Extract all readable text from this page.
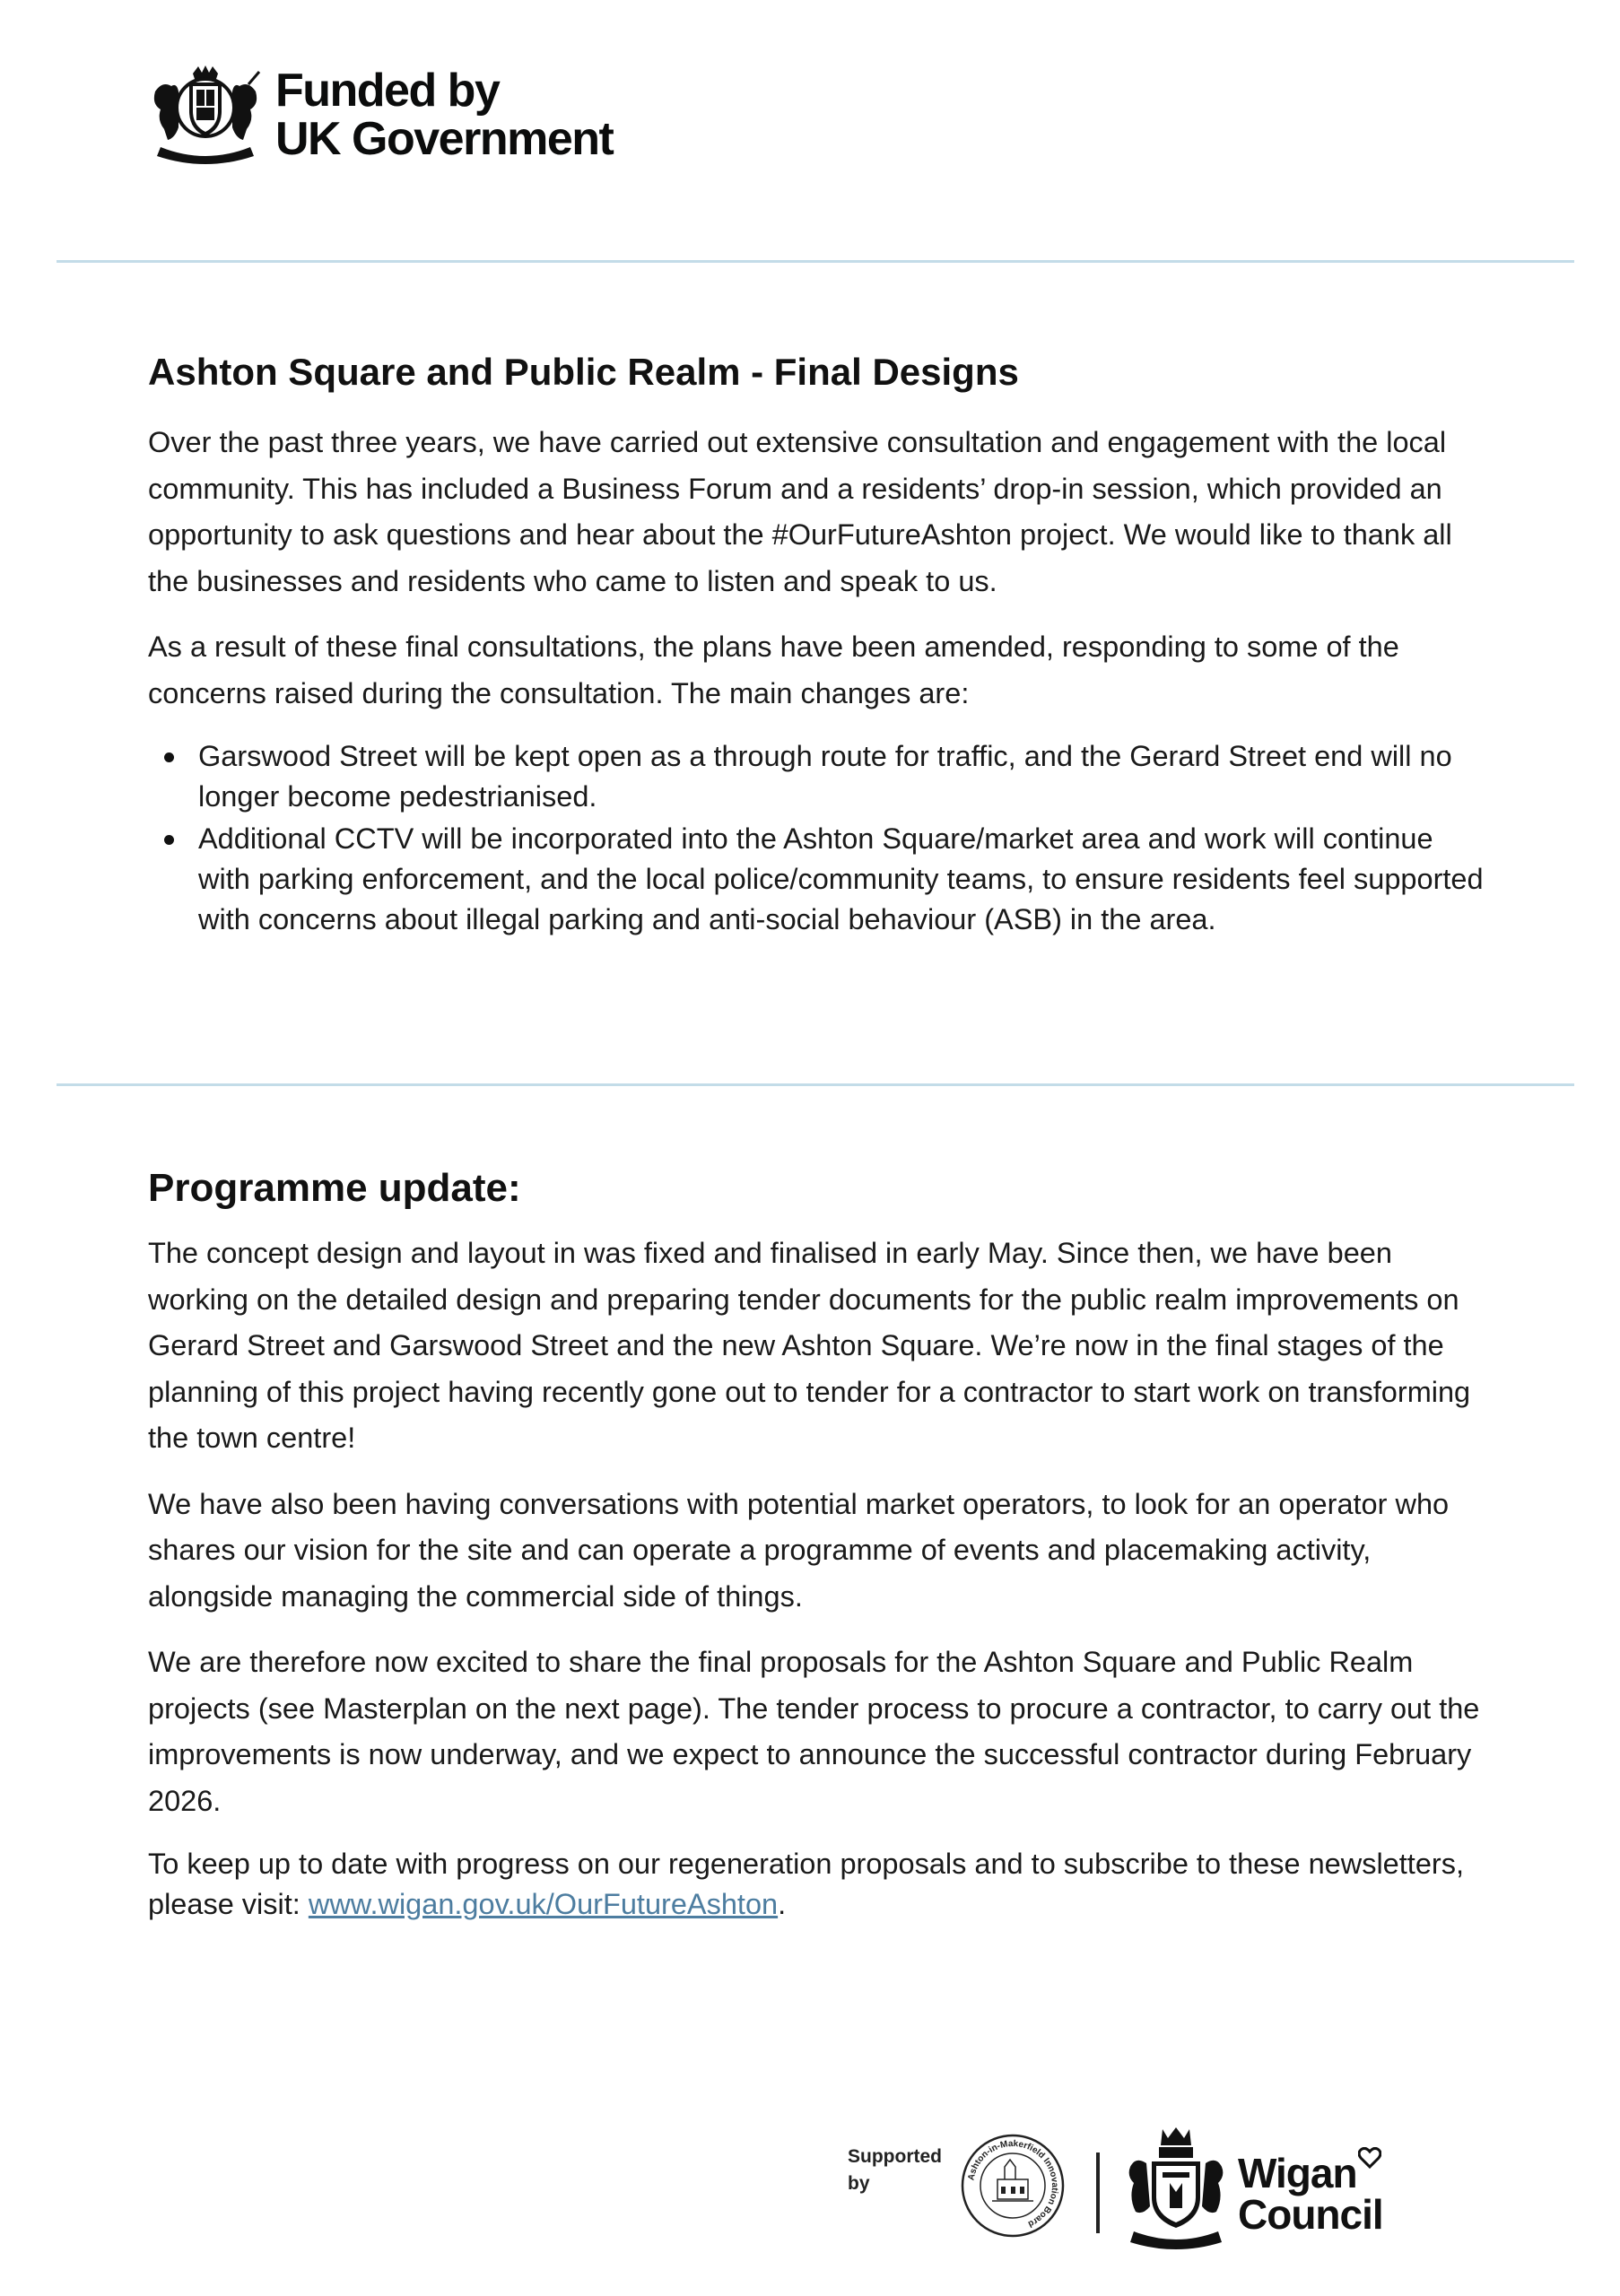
Funded by
UK Government
Ashton Square and Public Realm - Final Designs

Over the past three years, we have carried out extensive consultation and engagement with the local community. This has included a Business Forum and a residents’ drop-in session, which provided an opportunity to ask questions and hear about the #OurFutureAshton project. We would like to thank all the businesses and residents who came to listen and speak to us.

As a result of these final consultations, the plans have been amended, responding to some of the concerns raised during the consultation. The main changes are:

Garswood Street will be kept open as a through route for traffic, and the Gerard Street end will no longer become pedestrianised.
Additional CCTV will be incorporated into the Ashton Square/market area and work will continue with parking enforcement, and the local police/community teams, to ensure residents feel supported with concerns about illegal parking and anti-social behaviour (ASB) in the area.
Programme update:

The concept design and layout in was fixed and finalised in early May. Since then, we have been working on the detailed design and preparing tender documents for the public realm improvements on Gerard Street and Garswood Street and the new Ashton Square. We’re now in the final stages of the planning of this project having recently gone out to tender for a contractor to start work on transforming the town centre!

We have also been having conversations with potential market operators, to look for an operator who shares our vision for the site and can operate a programme of events and placemaking activity, alongside managing the commercial side of things.

We are therefore now excited to share the final proposals for the Ashton Square and Public Realm projects (see Masterplan on the next page). The tender process to procure a contractor, to carry out the improvements is now underway, and we expect to announce the successful contractor during February 2026.

To keep up to date with progress on our regeneration proposals and to subscribe to these newsletters, please visit: www.wigan.gov.uk/OurFutureAshton.

Supported
by	Ashton-in-Makerfield Innovation Board
Wigan
Council
